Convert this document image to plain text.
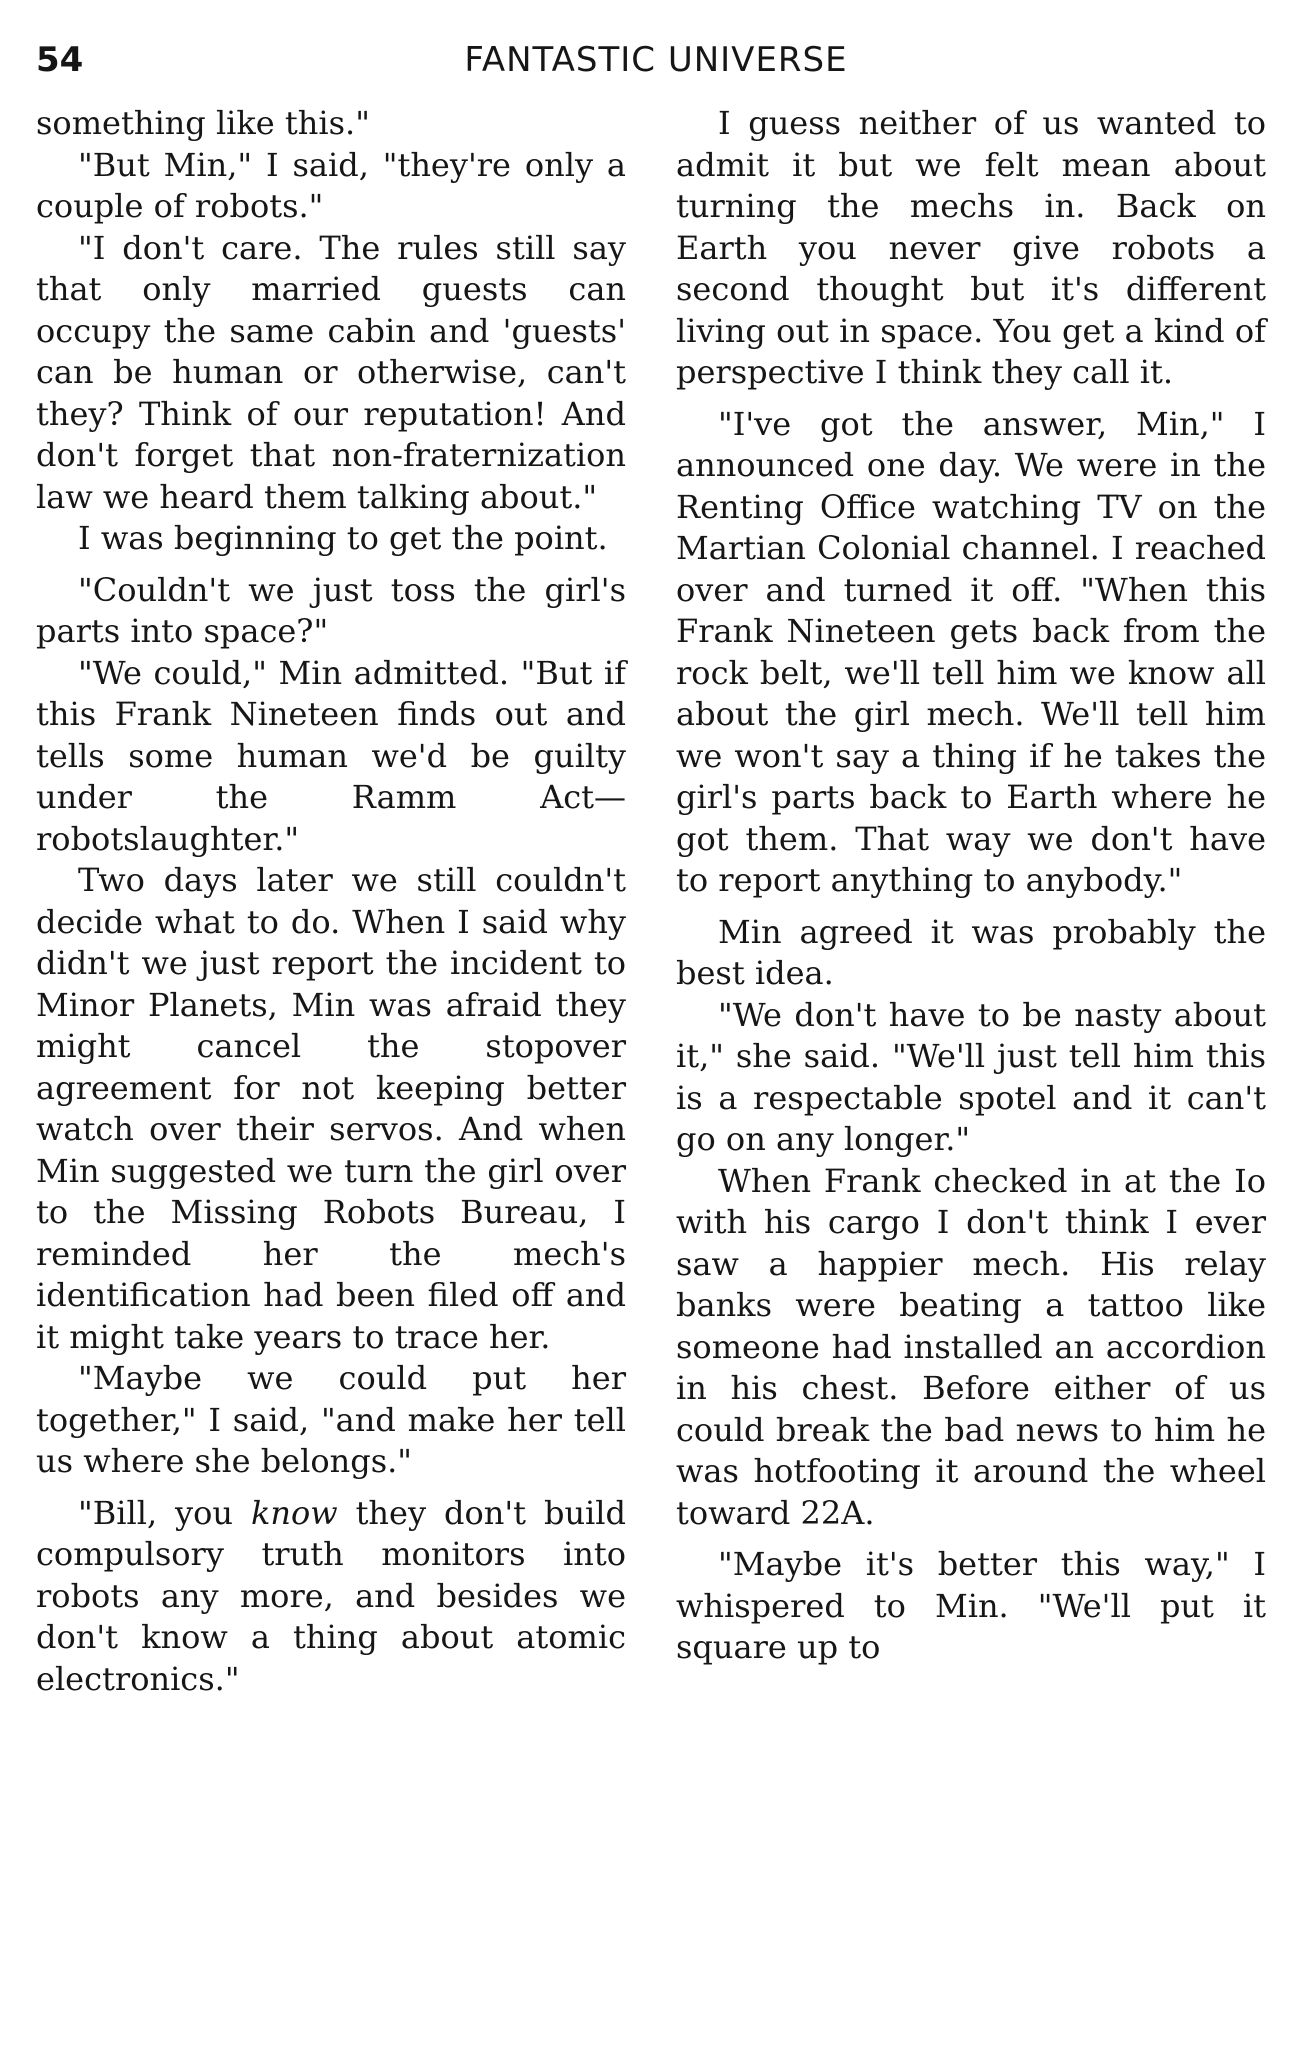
54	FANTASTIC UNIVERSE

something like this."

"But Min," I said, "they're only a couple of robots."

"I don't care. The rules still say that only married guests can occupy the same cabin and 'guests' can be human or otherwise, can't they? Think of our reputation! And don't forget that non-fraternization law we heard them talking about."

I was beginning to get the point.

"Couldn't we just toss the girl's parts into space?"

"We could," Min admitted. "But if this Frank Nineteen finds out and tells some human we'd be guilty under the Ramm Act—robotslaughter."

Two days later we still couldn't decide what to do. When I said why didn't we just report the incident to Minor Planets, Min was afraid they might cancel the stopover agreement for not keeping better watch over their servos. And when Min suggested we turn the girl over to the Missing Robots Bureau, I reminded her the mech's identification had been filed off and it might take years to trace her.

"Maybe we could put her together," I said, "and make her tell us where she belongs."

"Bill, you know they don't build compulsory truth monitors into robots any more, and besides we don't know a thing about atomic electronics."

I guess neither of us wanted to admit it but we felt mean about turning the mechs in. Back on Earth you never give robots a second thought but it's different living out in space. You get a kind of perspective I think they call it.

"I've got the answer, Min," I announced one day. We were in the Renting Office watching TV on the Martian Colonial channel. I reached over and turned it off. "When this Frank Nineteen gets back from the rock belt, we'll tell him we know all about the girl mech. We'll tell him we won't say a thing if he takes the girl's parts back to Earth where he got them. That way we don't have to report anything to anybody."

Min agreed it was probably the best idea.

"We don't have to be nasty about it," she said. "We'll just tell him this is a respectable spotel and it can't go on any longer."

When Frank checked in at the Io with his cargo I don't think I ever saw a happier mech. His relay banks were beating a tattoo like someone had installed an accordion in his chest. Before either of us could break the bad news to him he was hotfooting it around the wheel toward 22A.

"Maybe it's better this way," I whispered to Min. "We'll put it square up to
